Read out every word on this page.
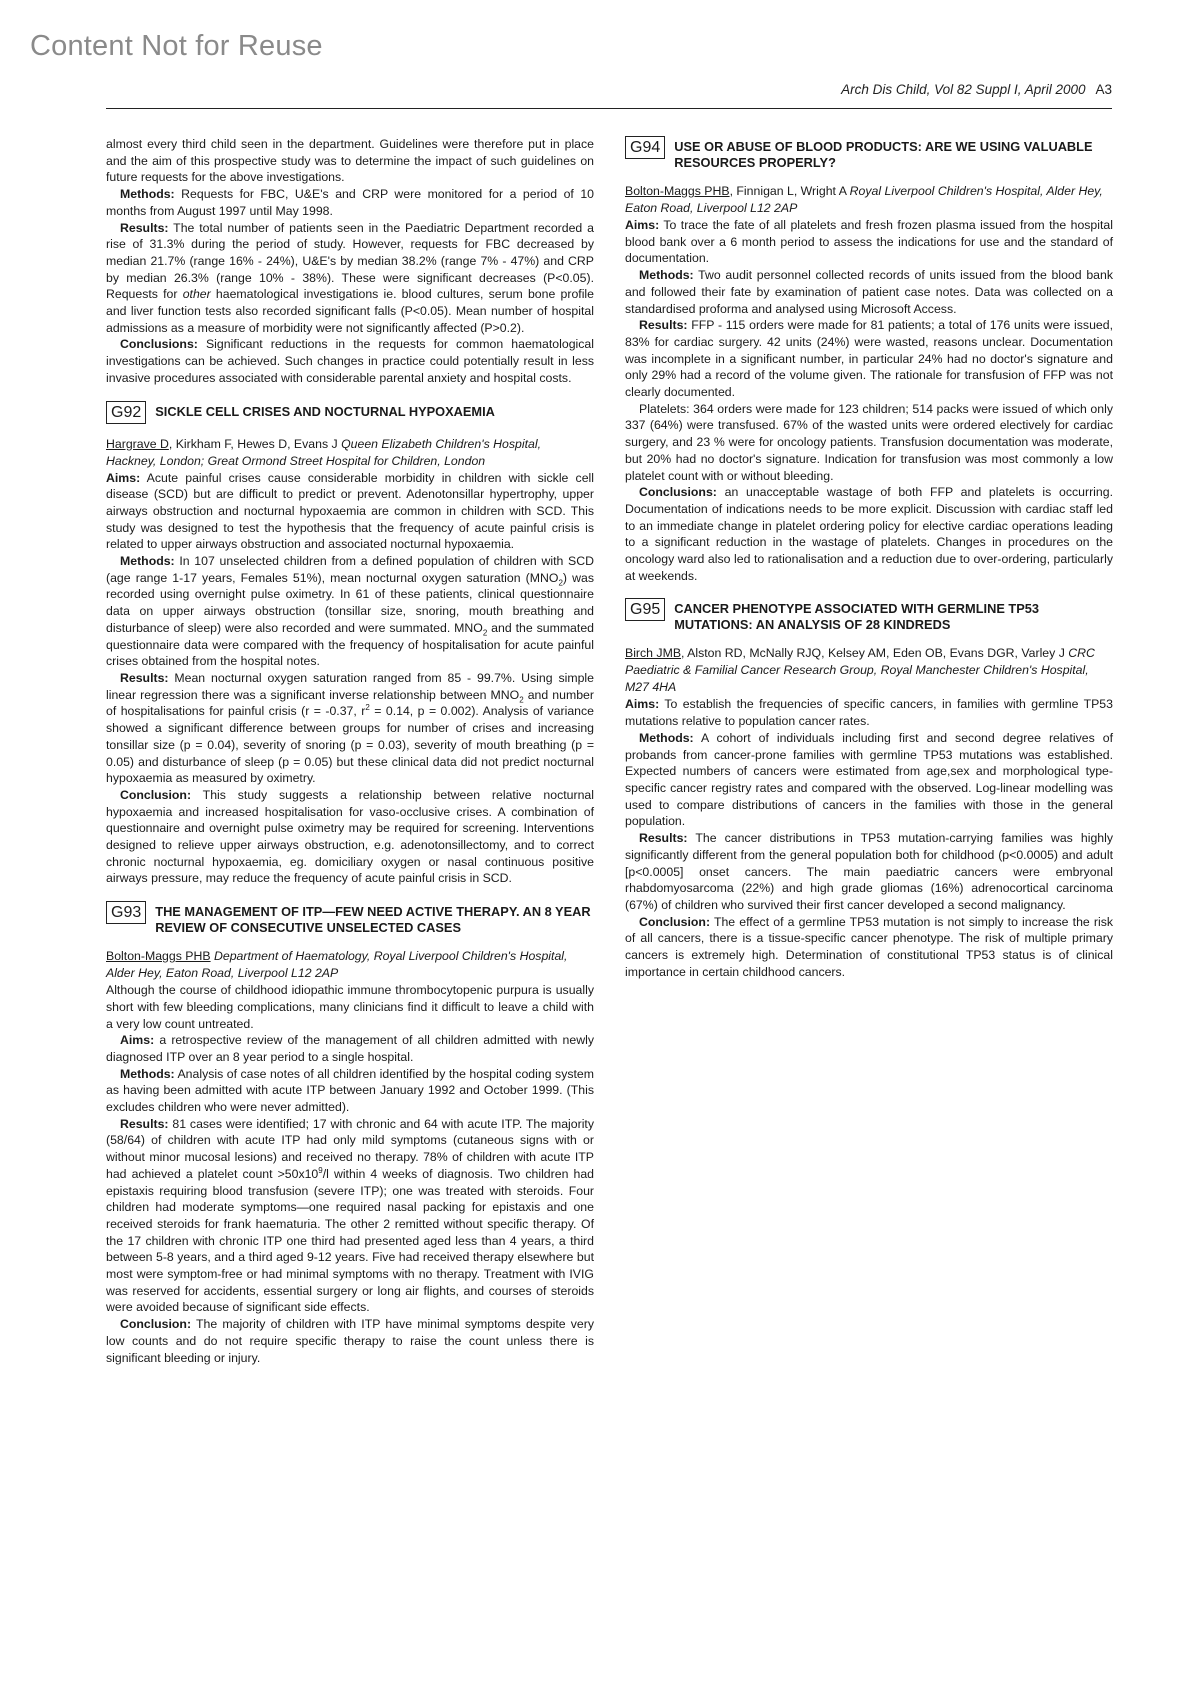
Content Not for Reuse
Arch Dis Child, Vol 82 Suppl I, April 2000 A3

almost every third child seen in the department. Guidelines were therefore put in place and the aim of this prospective study was to determine the impact of such guidelines on future requests for the above investigations.

Methods: Requests for FBC, U&E's and CRP were monitored for a period of 10 months from August 1997 until May 1998.

Results: The total number of patients seen in the Paediatric Department recorded a rise of 31.3% during the period of study. However, requests for FBC decreased by median 21.7% (range 16% - 24%), U&E's by median 38.2% (range 7% - 47%) and CRP by median 26.3% (range 10% - 38%). These were significant decreases (P<0.05). Requests for other haematological investigations ie. blood cultures, serum bone profile and liver function tests also recorded significant falls (P<0.05). Mean number of hospital admissions as a measure of morbidity were not significantly affected (P>0.2).

Conclusions: Significant reductions in the requests for common haematological investigations can be achieved. Such changes in practice could potentially result in less invasive procedures associated with considerable parental anxiety and hospital costs.

G92	SICKLE CELL CRISES AND NOCTURNAL HYPOXAEMIA

Hargrave D, Kirkham F, Hewes D, Evans J Queen Elizabeth Children's Hospital, Hackney, London; Great Ormond Street Hospital for Children, London

Aims: Acute painful crises cause considerable morbidity in children with sickle cell disease (SCD) but are difficult to predict or prevent. Adenotonsillar hypertrophy, upper airways obstruction and nocturnal hypoxaemia are common in children with SCD. This study was designed to test the hypothesis that the frequency of acute painful crisis is related to upper airways obstruction and associated nocturnal hypoxaemia.

Methods: In 107 unselected children from a defined population of children with SCD (age range 1-17 years, Females 51%), mean nocturnal oxygen saturation $(MNO_2)$ was recorded using overnight pulse oximetry. In 61 of these patients, clinical questionnaire data on upper airways obstruction (tonsillar size, snoring, mouth breathing and disturbance of sleep) were also recorded and were summated. $MNO_2$ and the summated questionnaire data were compared with the frequency of hospitalisation for acute painful crises obtained from the hospital notes.

Results: Mean nocturnal oxygen saturation ranged from 85 - 99.7%. Using simple linear regression there was a significant inverse relationship between $MNO_2$ and number of hospitalisations for painful crisis (r = -0.37, $r^2 = 0.14$, p = 0.002). Analysis of variance showed a significant difference between groups for number of crises and increasing tonsillar size (p = 0.04), severity of snoring (p = 0.03), severity of mouth breathing (p = 0.05) and disturbance of sleep (p = 0.05) but these clinical data did not predict nocturnal hypoxaemia as measured by oximetry.

Conclusion: This study suggests a relationship between relative nocturnal hypoxaemia and increased hospitalisation for vaso-occlusive crises. A combination of questionnaire and overnight pulse oximetry may be required for screening. Interventions designed to relieve upper airways obstruction, e.g. adenotonsillectomy, and to correct chronic nocturnal hypoxaemia, eg. domiciliary oxygen or nasal continuous positive airways pressure, may reduce the frequency of acute painful crisis in SCD.

G93	THE MANAGEMENT OF ITP—FEW NEED ACTIVE THERAPY. AN 8 YEAR REVIEW OF CONSECUTIVE UNSELECTED CASES

Bolton-Maggs PHB Department of Haematology, Royal Liverpool Children's Hospital, Alder Hey, Eaton Road, Liverpool L12 2AP

Although the course of childhood idiopathic immune thrombocytopenic purpura is usually short with few bleeding complications, many clinicians find it difficult to leave a child with a very low count untreated.

Aims: a retrospective review of the management of all children admitted with newly diagnosed ITP over an 8 year period to a single hospital.

Methods: Analysis of case notes of all children identified by the hospital coding system as having been admitted with acute ITP between January 1992 and October 1999. (This excludes children who were never admitted).

Results: 81 cases were identified; 17 with chronic and 64 with acute ITP. The majority (58/64) of children with acute ITP had only mild symptoms (cutaneous signs with or without minor mucosal lesions) and received no therapy. 78% of children with acute ITP had achieved a platelet count $>50x10^9/l$ within 4 weeks of diagnosis. Two children had epistaxis requiring blood transfusion (severe ITP); one was treated with steroids. Four children had moderate symptoms—one required nasal packing for epistaxis and one received steroids for frank haematuria. The other 2 remitted without specific therapy. Of the 17 children with chronic ITP one third had presented aged less than 4 years, a third between 5-8 years, and a third aged 9-12 years. Five had received therapy elsewhere but most were symptom-free or had minimal symptoms with no therapy. Treatment with IVIG was reserved for accidents, essential surgery or long air flights, and courses of steroids were avoided because of significant side effects.

Conclusion: The majority of children with ITP have minimal symptoms despite very low counts and do not require specific therapy to raise the count unless there is significant bleeding or injury.

G94	USE OR ABUSE OF BLOOD PRODUCTS: ARE WE USING VALUABLE RESOURCES PROPERLY?

Bolton-Maggs PHB, Finnigan L, Wright A Royal Liverpool Children's Hospital, Alder Hey, Eaton Road, Liverpool L12 2AP

Aims: To trace the fate of all platelets and fresh frozen plasma issued from the hospital blood bank over a 6 month period to assess the indications for use and the standard of documentation.

Methods: Two audit personnel collected records of units issued from the blood bank and followed their fate by examination of patient case notes. Data was collected on a standardised proforma and analysed using Microsoft Access.

Results: FFP - 115 orders were made for 81 patients; a total of 176 units were issued, 83% for cardiac surgery. 42 units (24%) were wasted, reasons unclear. Documentation was incomplete in a significant number, in particular 24% had no doctor's signature and only 29% had a record of the volume given. The rationale for transfusion of FFP was not clearly documented.

Platelets: 364 orders were made for 123 children; 514 packs were issued of which only 337 (64%) were transfused. 67% of the wasted units were ordered electively for cardiac surgery, and 23 % were for oncology patients. Transfusion documentation was moderate, but 20% had no doctor's signature. Indication for transfusion was most commonly a low platelet count with or without bleeding.

Conclusions: an unacceptable wastage of both FFP and platelets is occurring. Documentation of indications needs to be more explicit. Discussion with cardiac staff led to an immediate change in platelet ordering policy for elective cardiac operations leading to a significant reduction in the wastage of platelets. Changes in procedures on the oncology ward also led to rationalisation and a reduction due to over-ordering, particularly at weekends.

G95	CANCER PHENOTYPE ASSOCIATED WITH GERMLINE TP53 MUTATIONS: AN ANALYSIS OF 28 KINDREDS

Birch JMB, Alston RD, McNally RJQ, Kelsey AM, Eden OB, Evans DGR, Varley J CRC Paediatric & Familial Cancer Research Group, Royal Manchester Children's Hospital, M27 4HA

Aims: To establish the frequencies of specific cancers, in families with germline TP53 mutations relative to population cancer rates.

Methods: A cohort of individuals including first and second degree relatives of probands from cancer-prone families with germline TP53 mutations was established. Expected numbers of cancers were estimated from age,sex and morphological type-specific cancer registry rates and compared with the observed. Log-linear modelling was used to compare distributions of cancers in the families with those in the general population.

Results: The cancer distributions in TP53 mutation-carrying families was highly significantly different from the general population both for childhood (p<0.0005) and adult [p<0.0005] onset cancers. The main paediatric cancers were embryonal rhabdomyosarcoma (22%) and high grade gliomas (16%) adrenocortical carcinoma (67%) of children who survived their first cancer developed a second malignancy.

Conclusion: The effect of a germline TP53 mutation is not simply to increase the risk of all cancers, there is a tissue-specific cancer phenotype. The risk of multiple primary cancers is extremely high. Determination of constitutional TP53 status is of clinical importance in certain childhood cancers.
